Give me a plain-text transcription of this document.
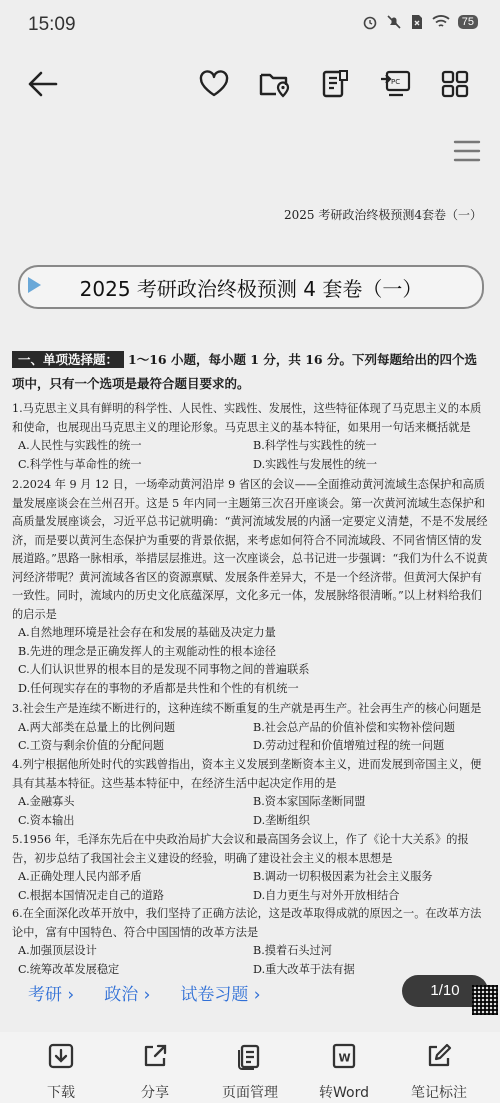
15:09	75
PC
2025 考研政治终极预测4套卷（一）
2025 考研政治终极预测 4 套卷（一）
一、单项选择题： 1～16 小题，每小题 1 分，共 16 分。下列每题给出的四个选项中，只有一个选项是最符合题目要求的。

1.马克思主义具有鲜明的科学性、人民性、实践性、发展性，这些特征体现了马克思主义的本质和使命，也展现出马克思主义的理论形象。马克思主义的基本特征，如果用一句话来概括就是

A.人民性与实践性的统一	B.科学性与实践性的统一
C.科学性与革命性的统一	D.实践性与发展性的统一

2.2024 年 9 月 12 日，一场牵动黄河沿岸 9 省区的会议——全面推动黄河流域生态保护和高质量发展座谈会在兰州召开。这是 5 年内同一主题第三次召开座谈会。第一次黄河流域生态保护和高质量发展座谈会，习近平总书记就明确：“黄河流域发展的内涵一定要定义清楚，不是不发展经济，而是要以黄河生态保护为重要的背景依据，来考虑如何符合不同流域段、不同省情区情的发展道路。”思路一脉相承，举措层层推进。这一次座谈会，总书记进一步强调：“我们为什么不说黄河经济带呢？黄河流域各省区的资源禀赋、发展条件差异大，不是一个经济带。但黄河大保护有一致性。同时，流域内的历史文化底蕴深厚，文化多元一体，发展脉络很清晰。”以上材料给我们的启示是

A.自然地理环境是社会存在和发展的基础及决定力量
B.先进的理念是正确发挥人的主观能动性的根本途径
C.人们认识世界的根本目的是发现不同事物之间的普遍联系
D.任何现实存在的事物的矛盾都是共性和个性的有机统一

3.社会生产是连续不断进行的，这种连续不断重复的生产就是再生产。社会再生产的核心问题是

A.两大部类在总量上的比例问题	B.社会总产品的价值补偿和实物补偿问题
C.工资与剩余价值的分配问题	D.劳动过程和价值增殖过程的统一问题

4.列宁根据他所处时代的实践曾指出，资本主义发展到垄断资本主义，进而发展到帝国主义，便具有其基本特征。这些基本特征中，在经济生活中起决定作用的是

A.金融寡头	B.资本家国际垄断同盟
C.资本输出	D.垄断组织

5.1956 年，毛泽东先后在中央政治局扩大会议和最高国务会议上，作了《论十大关系》的报告，初步总结了我国社会主义建设的经验，明确了建设社会主义的根本思想是

A.正确处理人民内部矛盾	B.调动一切积极因素为社会主义服务
C.根据本国情况走自己的道路	D.自力更生与对外开放相结合

6.在全面深化改革开放中，我们坚持了正确方法论，这是改革取得成就的原因之一。在改革方法论中，富有中国特色、符合中国国情的改革方法是

A.加强顶层设计	B.摸着石头过河
C.统筹改革发展稳定	D.重大改革于法有据
考研 › 政治 › 试卷习题 ›	1/10
下载	分享	页面管理
W
转Word	笔记标注
